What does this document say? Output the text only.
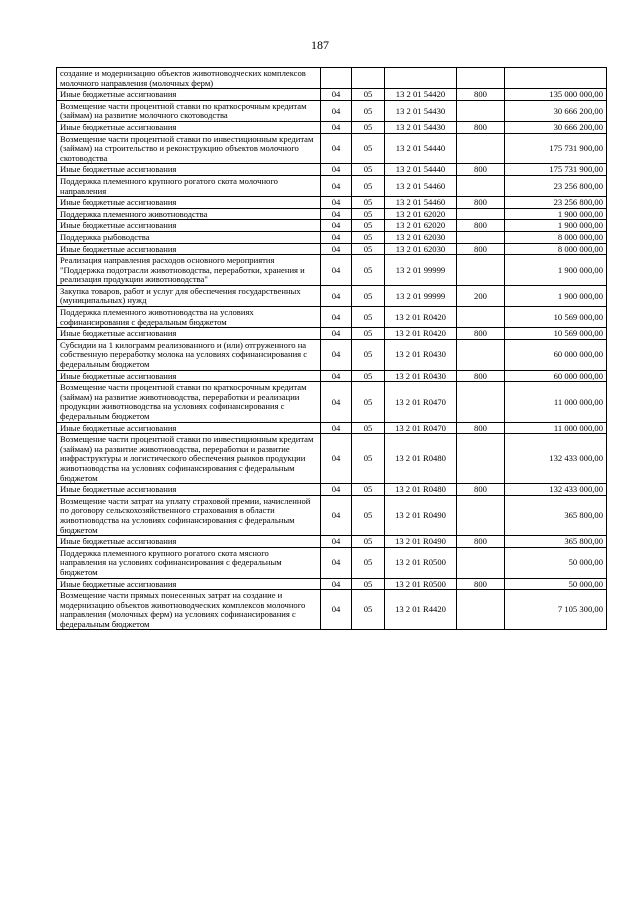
187
создание и модернизацию объектов животноводческих комплексов молочного направления (молочных ферм)					
Иные бюджетные ассигнования	04	05	13 2 01 54420	800	135 000 000,00
Возмещение части процентной ставки по краткосрочным кредитам (займам) на развитие молочного скотоводства	04	05	13 2 01 54430		30 666 200,00
Иные бюджетные ассигнования	04	05	13 2 01 54430	800	30 666 200,00
Возмещение части процентной ставки по инвестиционным кредитам (займам) на строительство и реконструкцию объектов молочного скотоводства	04	05	13 2 01 54440		175 731 900,00
Иные бюджетные ассигнования	04	05	13 2 01 54440	800	175 731 900,00
Поддержка племенного крупного рогатого скота молочного направления	04	05	13 2 01 54460		23 256 800,00
Иные бюджетные ассигнования	04	05	13 2 01 54460	800	23 256 800,00
Поддержка племенного животноводства	04	05	13 2 01 62020		1 900 000,00
Иные бюджетные ассигнования	04	05	13 2 01 62020	800	1 900 000,00
Поддержка рыбоводства	04	05	13 2 01 62030		8 000 000,00
Иные бюджетные ассигнования	04	05	13 2 01 62030	800	8 000 000,00
Реализация направления расходов основного мероприятия "Поддержка подотрасли животноводства, переработки, хранения и реализация продукции животноводства"	04	05	13 2 01 99999		1 900 000,00
Закупка товаров, работ и услуг для обеспечения государственных (муниципальных) нужд	04	05	13 2 01 99999	200	1 900 000,00
Поддержка племенного животноводства на условиях софинансирования с федеральным бюджетом	04	05	13 2 01 R0420		10 569 000,00
Иные бюджетные ассигнования	04	05	13 2 01 R0420	800	10 569 000,00
Субсидии на 1 килограмм реализованного и (или) отгруженного на собственную переработку молока на условиях софинансирования с федеральным бюджетом	04	05	13 2 01 R0430		60 000 000,00
Иные бюджетные ассигнования	04	05	13 2 01 R0430	800	60 000 000,00
Возмещение части процентной ставки по краткосрочным кредитам (займам) на развитие животноводства, переработки и реализации продукции животноводства на условиях софинансирования с федеральным бюджетом	04	05	13 2 01 R0470		11 000 000,00
Иные бюджетные ассигнования	04	05	13 2 01 R0470	800	11 000 000,00
Возмещение части процентной ставки по инвестиционным кредитам (займам) на развитие животноводства, переработки и развитие инфраструктуры и логистического обеспечения рынков продукции животноводства на условиях софинансирования с федеральным бюджетом	04	05	13 2 01 R0480		132 433 000,00
Иные бюджетные ассигнования	04	05	13 2 01 R0480	800	132 433 000,00
Возмещение части затрат на уплату страховой премии, начисленной по договору сельскохозяйственного страхования в области животноводства на условиях софинансирования с федеральным бюджетом	04	05	13 2 01 R0490		365 800,00
Иные бюджетные ассигнования	04	05	13 2 01 R0490	800	365 800,00
Поддержка племенного крупного рогатого скота мясного направления на условиях софинансирования с федеральным бюджетом	04	05	13 2 01 R0500		50 000,00
Иные бюджетные ассигнования	04	05	13 2 01 R0500	800	50 000,00
Возмещение части прямых понесенных затрат на создание и модернизацию объектов животноводческих комплексов молочного направления (молочных ферм) на условиях софинансирования с федеральным бюджетом	04	05	13 2 01 R4420		7 105 300,00
